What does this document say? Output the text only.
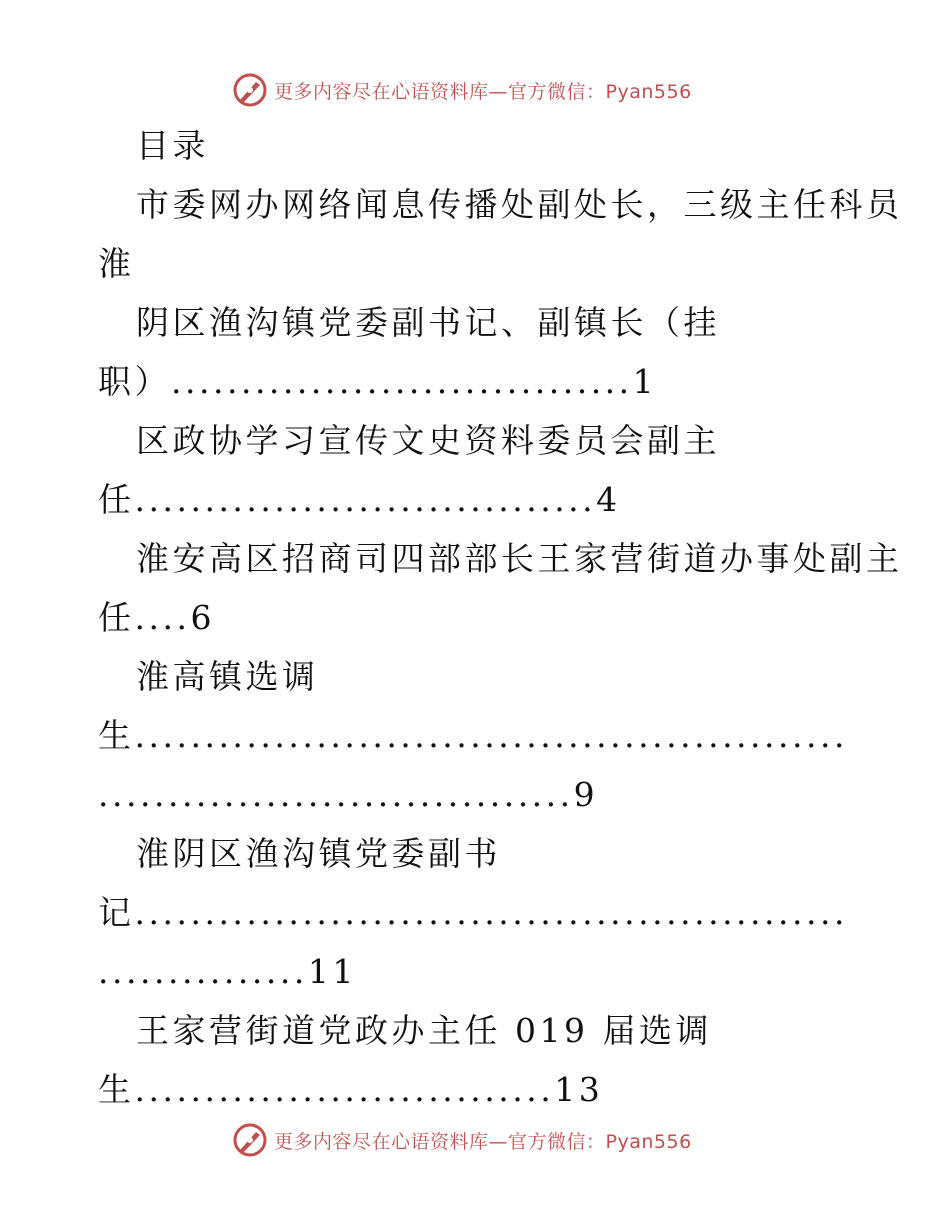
更多内容尽在心语资料库—官方微信：Pyan556
目录
市委网办网络闻息传播处副处长，三级主任科员
淮
阴区渔沟镇党委副书记、副镇长（挂
职）.................................1
区政协学习宣传文史资料委员会副主
任.................................4
淮安高区招商司四部部长王家营街道办事处副主
任....6
淮高镇选调
生...................................................
..................................9
淮阴区渔沟镇党委副书
记...................................................
...............11
王家营街道党政办主任 019 届选调
生..............................13
更多内容尽在心语资料库—官方微信：Pyan556
